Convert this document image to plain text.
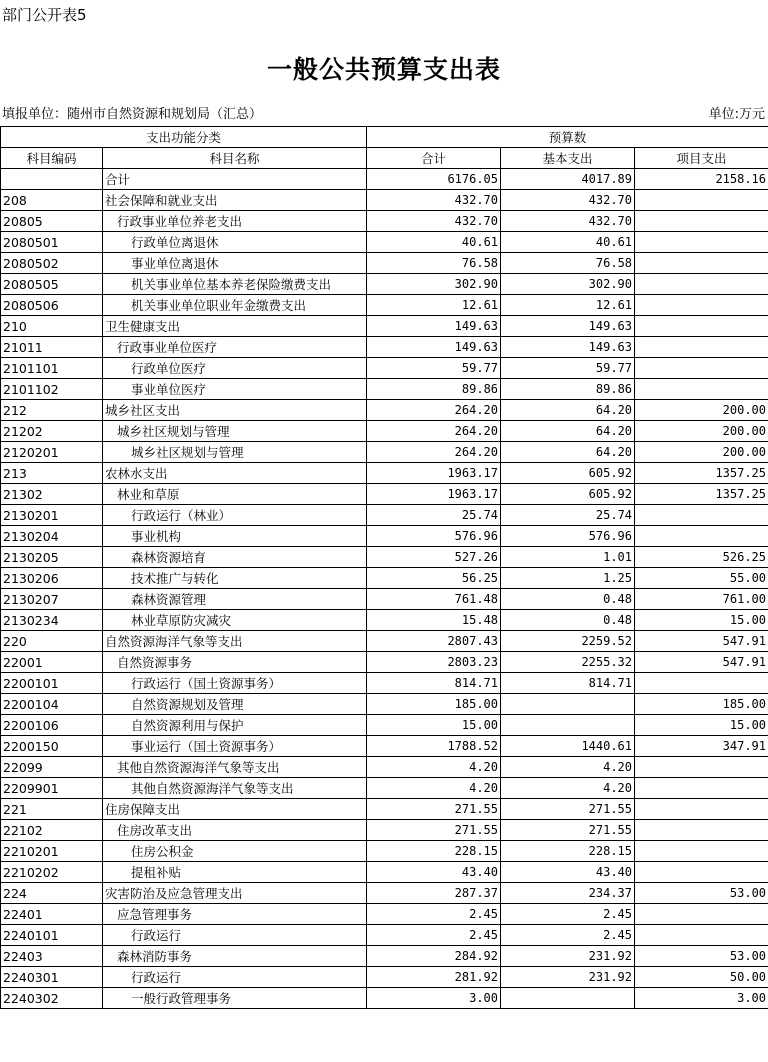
部门公开表5
一般公共预算支出表
填报单位：随州市自然资源和规划局（汇总）	单位:万元
支出功能分类		预算数		
科目编码	科目名称	合计	基本支出	项目支出
	合计	6176.05	4017.89	2158.16
208	社会保障和就业支出	432.70	432.70	
20805	行政事业单位养老支出	432.70	432.70	
2080501	行政单位离退休	40.61	40.61	
2080502	事业单位离退休	76.58	76.58	
2080505	机关事业单位基本养老保险缴费支出	302.90	302.90	
2080506	机关事业单位职业年金缴费支出	12.61	12.61	
210	卫生健康支出	149.63	149.63	
21011	行政事业单位医疗	149.63	149.63	
2101101	行政单位医疗	59.77	59.77	
2101102	事业单位医疗	89.86	89.86	
212	城乡社区支出	264.20	64.20	200.00
21202	城乡社区规划与管理	264.20	64.20	200.00
2120201	城乡社区规划与管理	264.20	64.20	200.00
213	农林水支出	1963.17	605.92	1357.25
21302	林业和草原	1963.17	605.92	1357.25
2130201	行政运行（林业）	25.74	25.74	
2130204	事业机构	576.96	576.96	
2130205	森林资源培育	527.26	1.01	526.25
2130206	技术推广与转化	56.25	1.25	55.00
2130207	森林资源管理	761.48	0.48	761.00
2130234	林业草原防灾减灾	15.48	0.48	15.00
220	自然资源海洋气象等支出	2807.43	2259.52	547.91
22001	自然资源事务	2803.23	2255.32	547.91
2200101	行政运行（国土资源事务）	814.71	814.71	
2200104	自然资源规划及管理	185.00		185.00
2200106	自然资源利用与保护	15.00		15.00
2200150	事业运行（国土资源事务）	1788.52	1440.61	347.91
22099	其他自然资源海洋气象等支出	4.20	4.20	
2209901	其他自然资源海洋气象等支出	4.20	4.20	
221	住房保障支出	271.55	271.55	
22102	住房改革支出	271.55	271.55	
2210201	住房公积金	228.15	228.15	
2210202	提租补贴	43.40	43.40	
224	灾害防治及应急管理支出	287.37	234.37	53.00
22401	应急管理事务	2.45	2.45	
2240101	行政运行	2.45	2.45	
22403	森林消防事务	284.92	231.92	53.00
2240301	行政运行	281.92	231.92	50.00
2240302	一般行政管理事务	3.00		3.00
